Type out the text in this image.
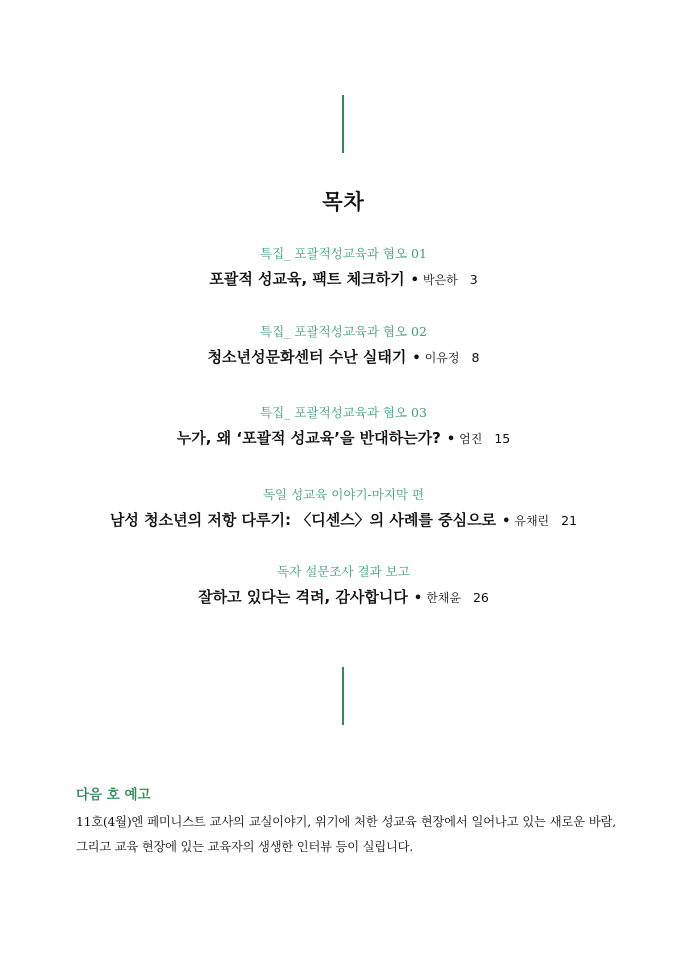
목차
특집_ 포괄적성교육과 혐오 01
포괄적 성교육, 팩트 체크하기 • 박은하 3
특집_ 포괄적성교육과 혐오 02
청소년성문화센터 수난 실태기 • 이유정 8
특집_ 포괄적성교육과 혐오 03
누가, 왜 ‘포괄적 성교육’을 반대하는가? • 엄진 15
독일 성교육 이야기-마지막 편
남성 청소년의 저항 다루기: 〈디센스〉의 사례를 중심으로 • 유채린 21
독자 설문조사 결과 보고
잘하고 있다는 격려, 감사합니다 • 한채윤 26
다음 호 예고
11호(4월)엔 페미니스트 교사의 교실이야기, 위기에 처한 성교육 현장에서 일어나고 있는 새로운 바람, 그리고 교육 현장에 있는 교육자의 생생한 인터뷰 등이 실립니다.
